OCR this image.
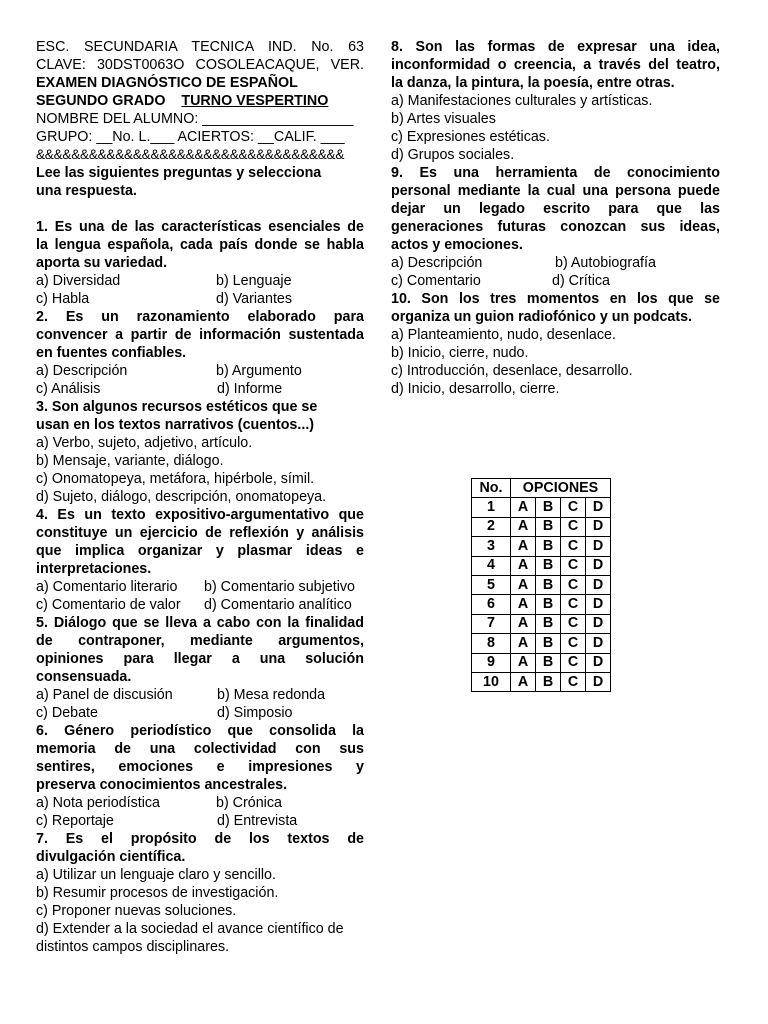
ESC. SECUNDARIA TECNICA IND. No. 63
CLAVE: 30DST0063O COSOLEACAQUE, VER.
EXAMEN DIAGNÓSTICO DE ESPAÑOL
SEGUNDO GRADO TURNO VESPERTINO
NOMBRE DEL ALUMNO: ___________________
GRUPO: __No. L.___ ACIERTOS: __CALIF. ___
&&&&&&&&&&&&&&&&&&&&&&&&&&&&&&&&&&&
Lee las siguientes preguntas y selecciona
una respuesta.
1. Es una de las características esenciales de
la lengua española, cada país donde se habla
aporta su variedad.
a) Diversidad	b) Lenguaje
c) Habla	d) Variantes
2. Es un razonamiento elaborado para
convencer a partir de información sustentada
en fuentes confiables.
a) Descripción	b) Argumento
c) Análisis	d) Informe
3. Son algunos recursos estéticos que se
usan en los textos narrativos (cuentos...)
a) Verbo, sujeto, adjetivo, artículo.
b) Mensaje, variante, diálogo.
c) Onomatopeya, metáfora, hipérbole, símil.
d) Sujeto, diálogo, descripción, onomatopeya.
4. Es un texto expositivo-argumentativo que
constituye un ejercicio de reflexión y análisis
que implica organizar y plasmar ideas e
interpretaciones.
a) Comentario literario	b) Comentario subjetivo
c) Comentario de valor	d) Comentario analítico
5. Diálogo que se lleva a cabo con la finalidad
de contraponer, mediante argumentos,
opiniones para llegar a una solución
consensuada.
a) Panel de discusión	b) Mesa redonda
c) Debate	d) Simposio
6. Género periodístico que consolida la
memoria de una colectividad con sus
sentires, emociones e impresiones y
preserva conocimientos ancestrales.
a) Nota periodística	b) Crónica
c) Reportaje	d) Entrevista
7. Es el propósito de los textos de
divulgación científica.
a) Utilizar un lenguaje claro y sencillo.
b) Resumir procesos de investigación.
c) Proponer nuevas soluciones.
d) Extender a la sociedad el avance científico de
distintos campos disciplinares.
8. Son las formas de expresar una idea,
inconformidad o creencia, a través del teatro,
la danza, la pintura, la poesía, entre otras.
a) Manifestaciones culturales y artísticas.
b) Artes visuales
c) Expresiones estéticas.
d) Grupos sociales.
9. Es una herramienta de conocimiento
personal mediante la cual una persona puede
dejar un legado escrito para que las
generaciones futuras conozcan sus ideas,
actos y emociones.
a) Descripción	b) Autobiografía
c) Comentario	d) Crítica
10. Son los tres momentos en los que se
organiza un guion radiofónico y un podcats.
a) Planteamiento, nudo, desenlace.
b) Inicio, cierre, nudo.
c) Introducción, desenlace, desarrollo.
d) Inicio, desarrollo, cierre.
No.	OPCIONES			
1	A	B	C	D
2	A	B	C	D
3	A	B	C	D
4	A	B	C	D
5	A	B	C	D
6	A	B	C	D
7	A	B	C	D
8	A	B	C	D
9	A	B	C	D
10	A	B	C	D
